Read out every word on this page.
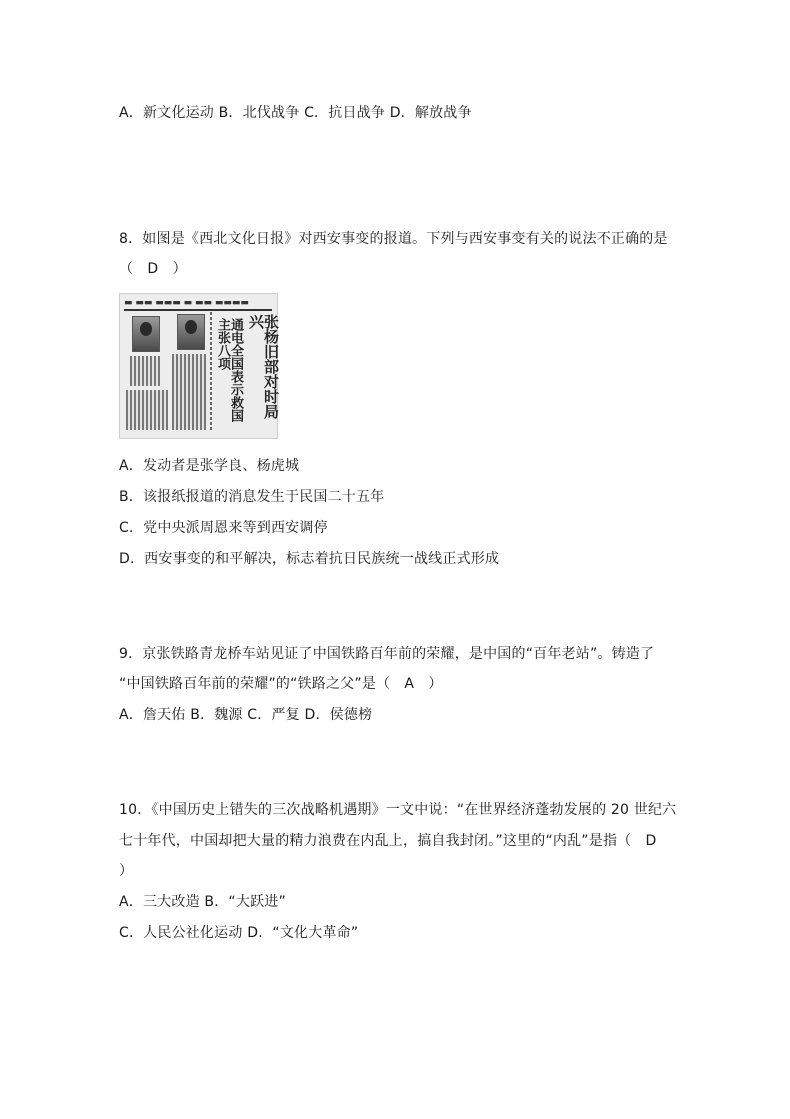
A．新文化运动 B．北伐战争 C．抗日战争 D．解放战争
8．如图是《西北文化日报》对西安事变的报道。下列与西安事变有关的说法不正确的是
（　D　）
▬ ▬▬ ▬▬▬ ▬ ▬▬ ▬▬▬▬
张杨旧部对时局兴
通电全国表示救国主张八项
A．发动者是张学良、杨虎城
B．该报纸报道的消息发生于民国二十五年
C．党中央派周恩来等到西安调停
D．西安事变的和平解决，标志着抗日民族统一战线正式形成
9．京张铁路青龙桥车站见证了中国铁路百年前的荣耀，是中国的“百年老站”。铸造了
“中国铁路百年前的荣耀”的“铁路之父”是（　A　）
A．詹天佑 B．魏源 C．严复 D．侯德榜
10．《中国历史上错失的三次战略机遇期》一文中说：“在世界经济蓬勃发展的 20 世纪六
七十年代，中国却把大量的精力浪费在内乱上，搞自我封闭。”这里的“内乱”是指（　D
）
A．三大改造 B．“大跃进”
C．人民公社化运动 D．“文化大革命”
